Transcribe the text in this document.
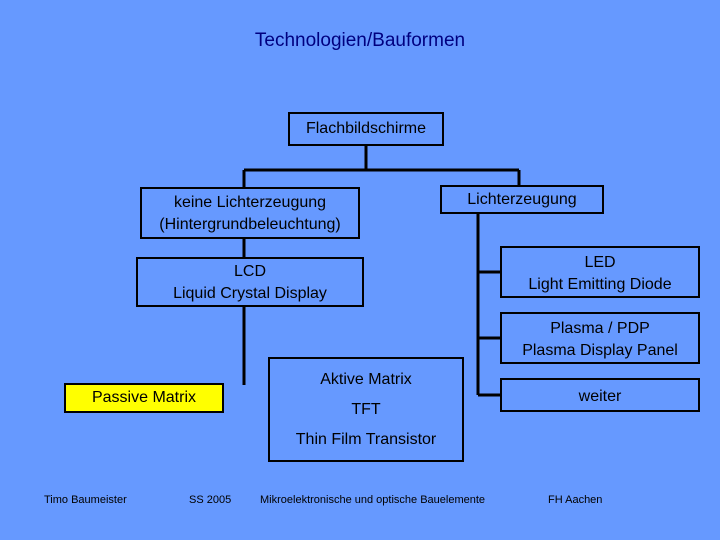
Technologien/Bauformen
Flachbildschirme
keine Lichterzeugung
(Hintergrundbeleuchtung)
Lichterzeugung
LCD
Liquid Crystal Display
LED
Light Emitting Diode
Plasma / PDP
Plasma Display Panel
Aktive Matrix
TFT
Thin Film Transistor
Passive Matrix	weiter
Timo Baumeister	SS 2005	Mikroelektronische und optische Bauelemente	FH Aachen
